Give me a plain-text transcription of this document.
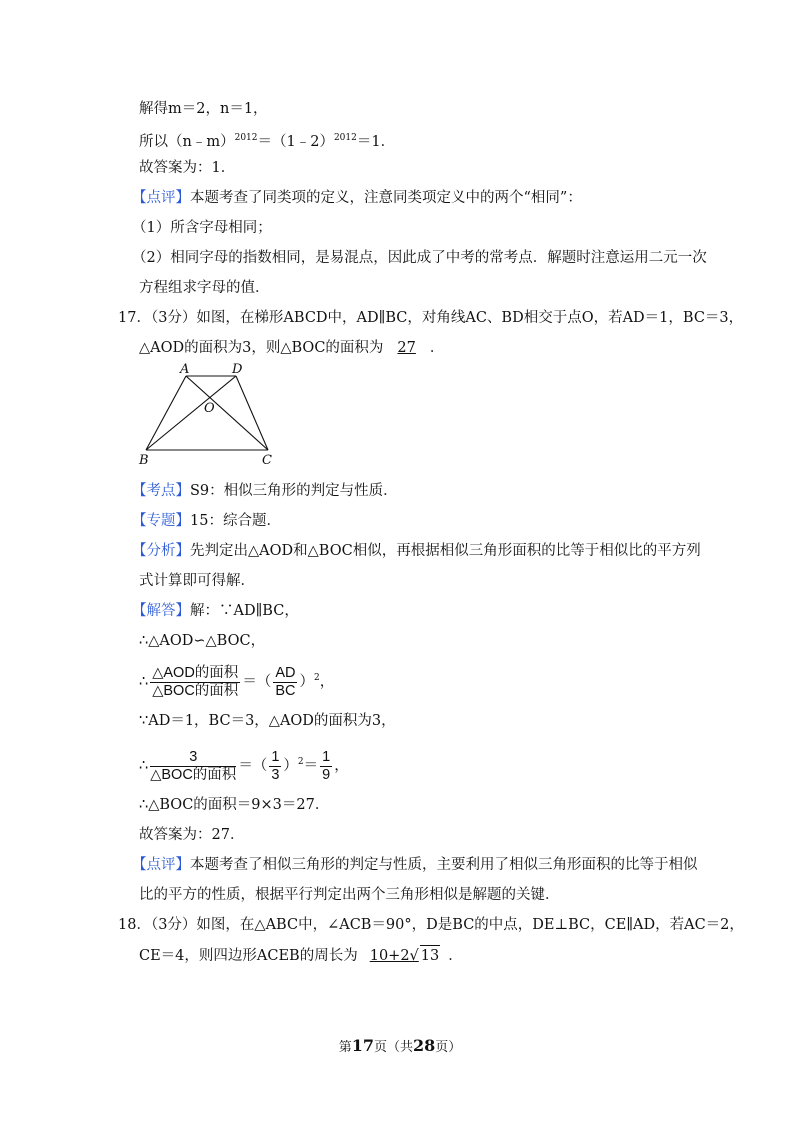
解得m＝2，n＝1，
所以（n﹣m）$^{2012}$＝（1﹣2）$^{2012}$＝1．
故答案为：1．
【点评】本题考查了同类项的定义，注意同类项定义中的两个“相同”：
（1）所含字母相同；
（2）相同字母的指数相同，是易混点，因此成了中考的常考点．解题时注意运用二元一次
方程组求字母的值．
17．（3分）如图，在梯形ABCD中，AD∥BC，对角线AC、BD相交于点O，若AD＝1，BC＝3，
△AOD的面积为3，则△BOC的面积为 27 ．
A	D
O
B	C
【考点】S9：相似三角形的判定与性质．
【专题】15：综合题．
【分析】先判定出△AOD和△BOC相似，再根据相似三角形面积的比等于相似比的平方列
式计算即可得解．
【解答】解：∵AD∥BC，
∴△AOD∽△BOC，
∴ $\frac{\text{△AOD的面积}}{\text{△BOC的面积}}$ ＝（ $\frac{AD}{BC} )^2$，
∵AD＝1，BC＝3，△AOD的面积为3，
∴ $\frac{3}{\text{△BOC的面积}}$ ＝（ $\frac{1}{3} )^2= \frac{1}{9}$ ，
∴△BOC的面积＝9×3＝27．
故答案为：27．
【点评】本题考查了相似三角形的判定与性质，主要利用了相似三角形面积的比等于相似
比的平方的性质，根据平行判定出两个三角形相似是解题的关键．
18．（3分）如图，在△ABC中，∠ACB＝90°，D是BC的中点，DE⊥BC，CE∥AD，若AC＝2，
CE＝4，则四边形ACEB的周长为 10+2√ 13 ．
第17页（共28页）
